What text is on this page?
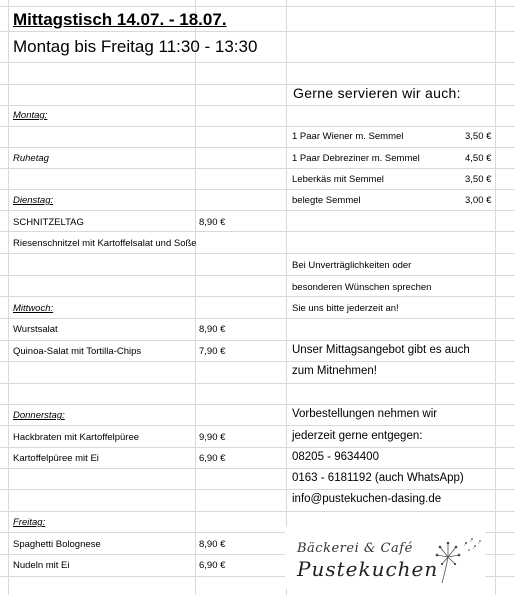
Mittagstisch 14.07. - 18.07.
Montag bis Freitag 11:30 - 13:30
Montag:
Ruhetag
Dienstag:
SCHNITZELTAG	8,90 €
Riesenschnitzel mit Kartoffelsalat und Soße
Mittwoch:
Wurstsalat	8,90 €
Quinoa-Salat mit Tortilla-Chips	7,90 €
Donnerstag:
Hackbraten mit Kartoffelpüree	9,90 €
Kartoffelpüree mit Ei	6,90 €
Freitag:
Spaghetti Bolognese	8,90 €
Nudeln mit Ei	6,90 €
Gerne servieren wir auch:
1 Paar Wiener m. Semmel	3,50 €
1 Paar Debreziner m. Semmel	4,50 €
Leberkäs mit Semmel	3,50 €
belegte Semmel	3,00 €
Bei Unverträglichkeiten oder
besonderen Wünschen sprechen
Sie uns bitte jederzeit an!
Unser Mittagsangebot gibt es auch
zum Mitnehmen!
Vorbestellungen nehmen wir
jederzeit gerne entgegen:
08205 - 9634400
0163 - 6181192 (auch WhatsApp)
info@pustekuchen-dasing.de
Bäckerei & Café
Pustekuchen
